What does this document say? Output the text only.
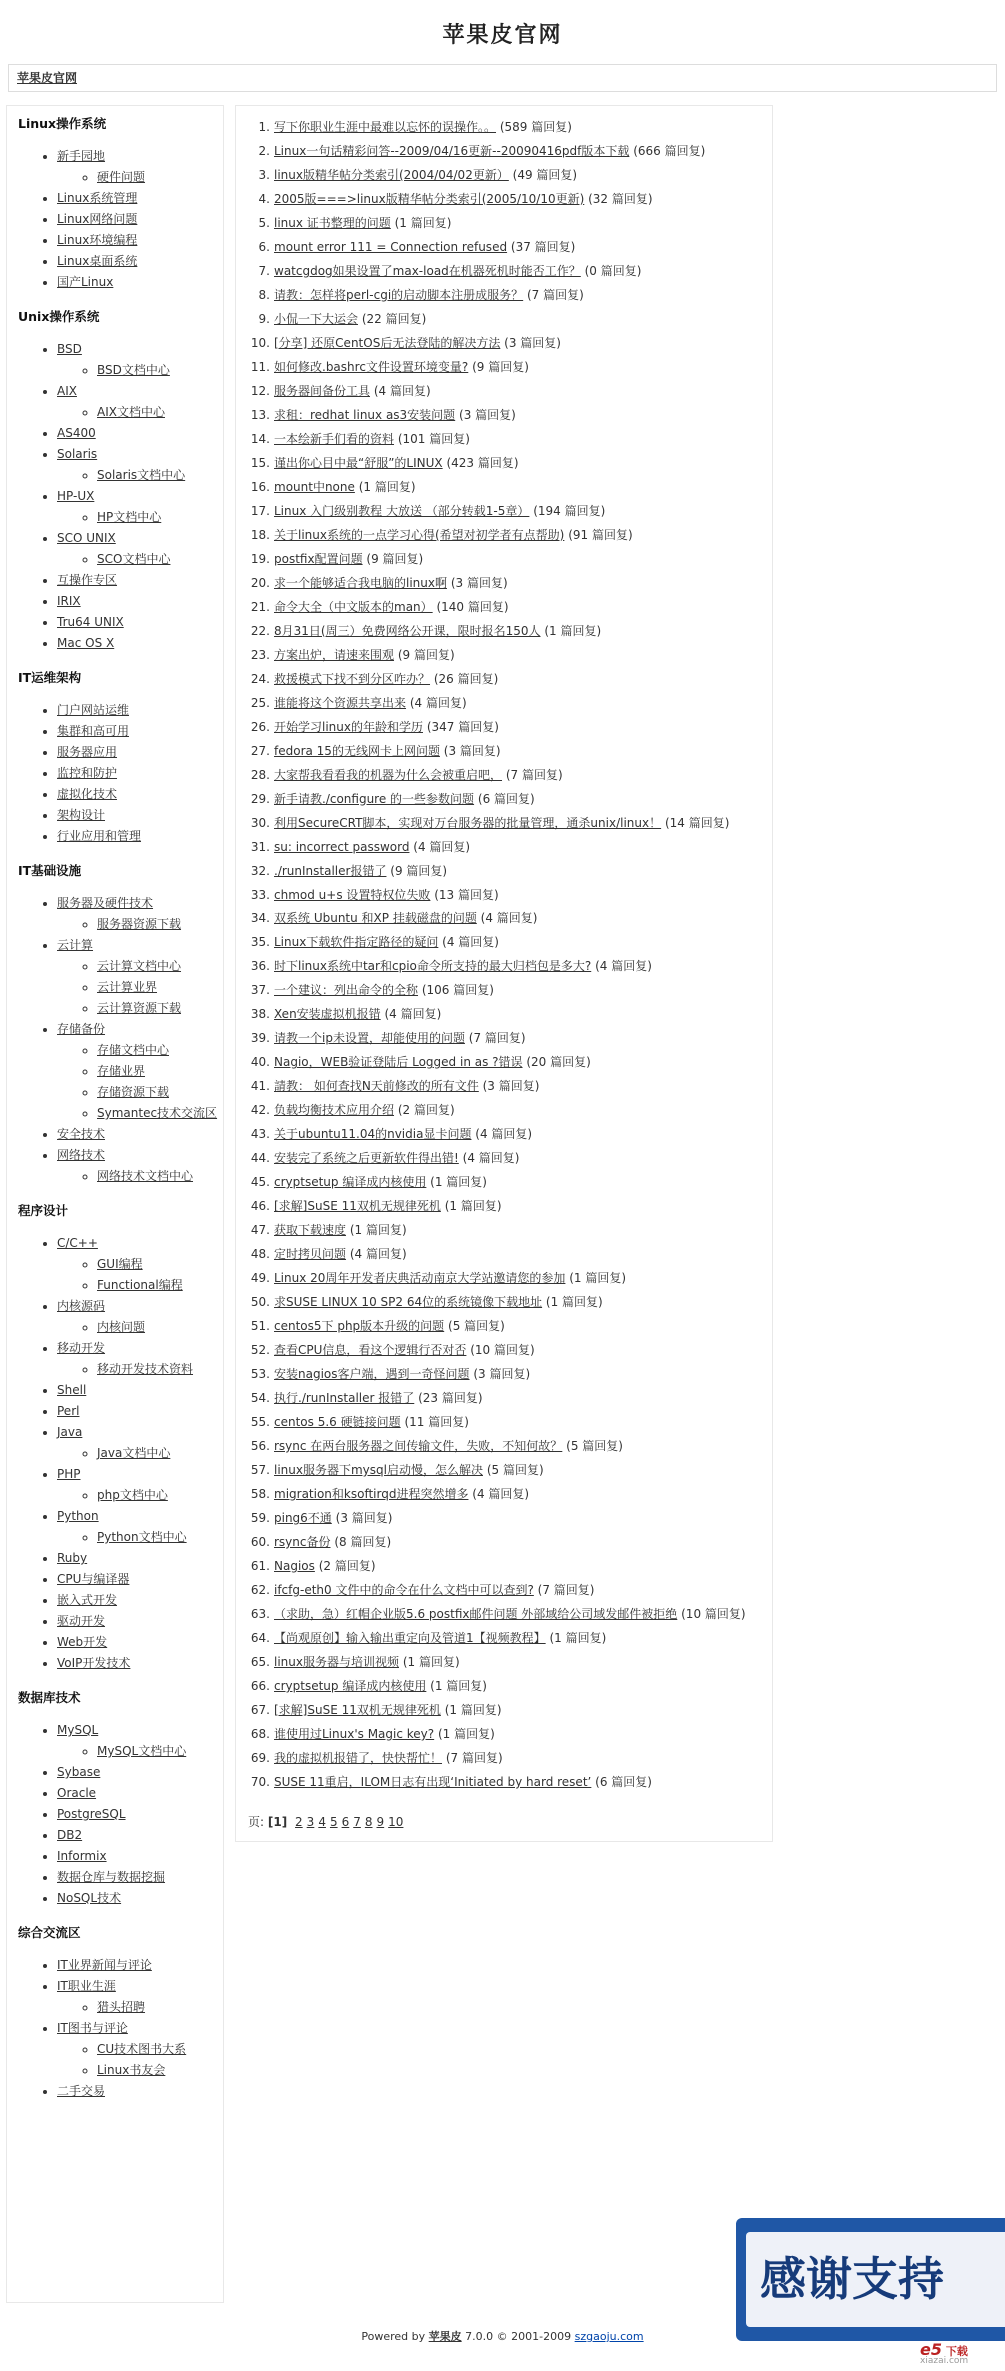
苹果皮官网
苹果皮官网
Linux操作系统
• 新手园地
◦ 硬件问题
• Linux系统管理
• Linux网络问题
• Linux环境编程
• Linux桌面系统
• 国产Linux
Unix操作系统
• BSD
◦ BSD文档中心
• AIX
◦ AIX文档中心
• AS400
• Solaris
◦ Solaris文档中心
• HP-UX
◦ HP文档中心
• SCO UNIX
◦ SCO文档中心
• 互操作专区
• IRIX
• Tru64 UNIX
• Mac OS X
IT运维架构
• 门户网站运维
• 集群和高可用
• 服务器应用
• 监控和防护
• 虚拟化技术
• 架构设计
• 行业应用和管理
IT基础设施
• 服务器及硬件技术
◦ 服务器资源下载
• 云计算
◦ 云计算文档中心
◦ 云计算业界
◦ 云计算资源下载
• 存储备份
◦ 存储文档中心
◦ 存储业界
◦ 存储资源下载
◦ Symantec技术交流区
• 安全技术
• 网络技术
◦ 网络技术文档中心
程序设计
• C/C++
◦ GUI编程
◦ Functional编程
• 内核源码
◦ 内核问题
• 移动开发
◦ 移动开发技术资料
• Shell
• Perl
• Java
◦ Java文档中心
• PHP
◦ php文档中心
• Python
◦ Python文档中心
• Ruby
• CPU与编译器
• 嵌入式开发
• 驱动开发
• Web开发
• VoIP开发技术
数据库技术
• MySQL
◦ MySQL文档中心
• Sybase
• Oracle
• PostgreSQL
• DB2
• Informix
• 数据仓库与数据挖掘
• NoSQL技术
综合交流区
• IT业界新闻与评论
• IT职业生涯
◦ 猎头招聘
• IT图书与评论
◦ CU技术图书大系
◦ Linux书友会
• 二手交易
1. 写下你职业生涯中最难以忘怀的误操作。。 (589 篇回复)
2. Linux一句话精彩问答--2009/04/16更新--20090416pdf版本下载 (666 篇回复)
3. linux版精华帖分类索引(2004/04/02更新） (49 篇回复)
4. 2005版===>linux版精华帖分类索引(2005/10/10更新) (32 篇回复)
5. linux 证书整理的问题 (1 篇回复)
6. mount error 111 = Connection refused (37 篇回复)
7. watcgdog如果设置了max-load在机器死机时能否工作？ (0 篇回复)
8. 请教：怎样将perl-cgi的启动脚本注册成服务？ (7 篇回复)
9. 小侃一下大运会 (22 篇回复)
10. [分享] 还原CentOS后无法登陆的解决方法 (3 篇回复)
11. 如何修改.bashrc文件设置环境变量? (9 篇回复)
12. 服务器间备份工具 (4 篇回复)
13. 求租：redhat linux as3安装问题 (3 篇回复)
14. 一本绘新手们看的资料 (101 篇回复)
15. 谨出你心目中最“舒服”的LINUX (423 篇回复)
16. mount中none (1 篇回复)
17. Linux 入门级别教程 大放送 （部分转载1-5章） (194 篇回复)
18. 关于linux系统的一点学习心得(希望对初学者有点帮助) (91 篇回复)
19. postfix配置问题 (9 篇回复)
20. 求一个能够适合我电脑的linux啊 (3 篇回复)
21. 命令大全（中文版本的man） (140 篇回复)
22. 8月31日(周三）免费网络公开课，限时报名150人 (1 篇回复)
23. 方案出炉，请速来围观 (9 篇回复)
24. 救援模式下找不到分区咋办？ (26 篇回复)
25. 谁能将这个资源共享出来 (4 篇回复)
26. 开始学习linux的年龄和学历 (347 篇回复)
27. fedora 15的无线网卡上网问题 (3 篇回复)
28. 大家帮我看看我的机器为什么会被重启吧， (7 篇回复)
29. 新手请教./configure 的一些参数问题 (6 篇回复)
30. 利用SecureCRT脚本，实现对万台服务器的批量管理，通杀unix/linux！ (14 篇回复)
31. su: incorrect password (4 篇回复)
32. ./runInstaller报错了 (9 篇回复)
33. chmod u+s 设置特权位失败 (13 篇回复)
34. 双系统 Ubuntu 和XP 挂载磁盘的问题 (4 篇回复)
35. Linux下载软件指定路径的疑问 (4 篇回复)
36. 时下linux系统中tar和cpio命令所支持的最大归档包是多大? (4 篇回复)
37. 一个建议：列出命令的全称 (106 篇回复)
38. Xen安装虚拟机报错 (4 篇回复)
39. 请教一个ip未设置，却能使用的问题 (7 篇回复)
40. Nagio，WEB验证登陆后 Logged in as ?错误 (20 篇回复)
41. 請教： 如何查找N天前修改的所有文件 (3 篇回复)
42. 负载均衡技术应用介绍 (2 篇回复)
43. 关于ubuntu11.04的nvidia显卡问题 (4 篇回复)
44. 安装完了系统之后更新软件得出错! (4 篇回复)
45. cryptsetup 编译成内核使用 (1 篇回复)
46. [求解]SuSE 11双机无规律死机 (1 篇回复)
47. 获取下载速度 (1 篇回复)
48. 定时拷贝问题 (4 篇回复)
49. Linux 20周年开发者庆典活动南京大学站邀请您的参加 (1 篇回复)
50. 求SUSE LINUX 10 SP2 64位的系统镜像下载地址 (1 篇回复)
51. centos5下 php版本升级的问题 (5 篇回复)
52. 查看CPU信息，看这个逻辑行否对否 (10 篇回复)
53. 安装nagios客户端，遇到一奇怪问题 (3 篇回复)
54. 执行./runInstaller 报错了 (23 篇回复)
55. centos 5.6 硬链接问题 (11 篇回复)
56. rsync 在两台服务器之间传输文件，失败，不知何故？ (5 篇回复)
57. linux服务器下mysql启动慢，怎么解决 (5 篇回复)
58. migration和ksoftirqd进程突然增多 (4 篇回复)
59. ping6不通 (3 篇回复)
60. rsync备份 (8 篇回复)
61. Nagios (2 篇回复)
62. ifcfg-eth0 文件中的命令在什么文档中可以查到? (7 篇回复)
63. （求助，急）红帽企业版5.6 postfix邮件问题 外部域给公司域发邮件被拒绝 (10 篇回复)
64. 【尚观原创】输入输出重定向及管道1【视频教程】 (1 篇回复)
65. linux服务器与培训视频 (1 篇回复)
66. cryptsetup 编译成内核使用 (1 篇回复)
67. [求解]SuSE 11双机无规律死机 (1 篇回复)
68. 谁使用过Linux's Magic key? (1 篇回复)
69. 我的虚拟机报错了，快快帮忙！ (7 篇回复)
70. SUSE 11重启，ILOM日志有出现‘Initiated by hard reset’ (6 篇回复)
页: [1] 2 3 4 5 6 7 8 9 10
感谢支持
Powered by 苹果皮 7.0.0 © 2001-2009 szgaoju.com
e5 下载
xiazai.com
